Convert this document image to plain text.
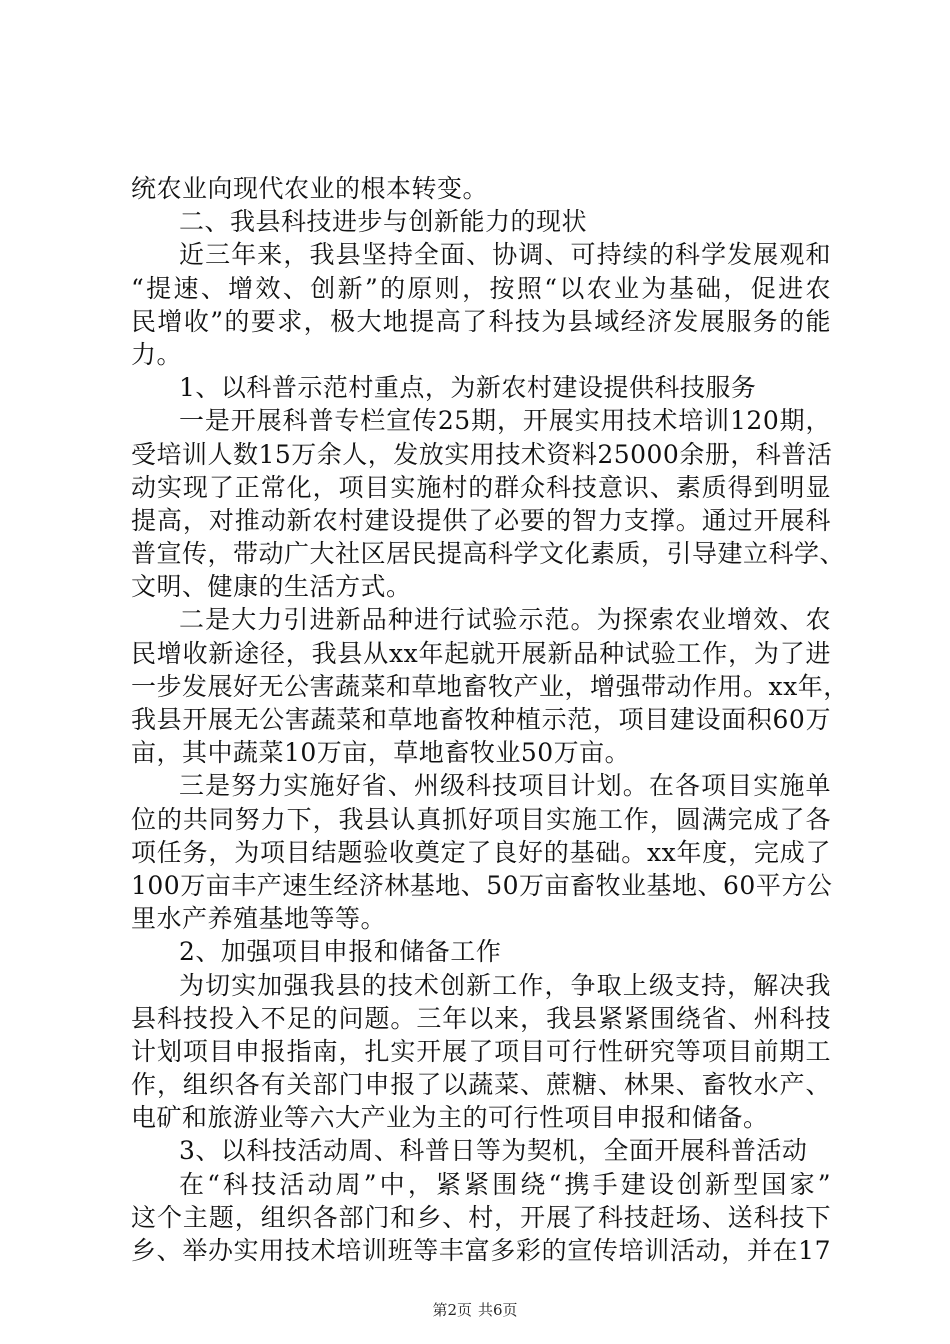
统农业向现代农业的根本转变。
二、我县科技进步与创新能力的现状
近三年来，我县坚持全面、协调、可持续的科学发展观和
“提速、增效、创新”的原则，按照“以农业为基础，促进农
民增收”的要求，极大地提高了科技为县域经济发展服务的能
力。
1、以科普示范村重点，为新农村建设提供科技服务
一是开展科普专栏宣传25期，开展实用技术培训120期，
受培训人数15万余人，发放实用技术资料25000余册，科普活
动实现了正常化，项目实施村的群众科技意识、素质得到明显
提高，对推动新农村建设提供了必要的智力支撑。通过开展科
普宣传，带动广大社区居民提高科学文化素质，引导建立科学、
文明、健康的生活方式。
二是大力引进新品种进行试验示范。为探索农业增效、农
民增收新途径，我县从xx年起就开展新品种试验工作，为了进
一步发展好无公害蔬菜和草地畜牧产业，增强带动作用。xx年，
我县开展无公害蔬菜和草地畜牧种植示范，项目建设面积60万
亩，其中蔬菜10万亩，草地畜牧业50万亩。
三是努力实施好省、州级科技项目计划。在各项目实施单
位的共同努力下，我县认真抓好项目实施工作，圆满完成了各
项任务，为项目结题验收奠定了良好的基础。xx年度，完成了
100万亩丰产速生经济林基地、50万亩畜牧业基地、60平方公
里水产养殖基地等等。
2、加强项目申报和储备工作
为切实加强我县的技术创新工作，争取上级支持，解决我
县科技投入不足的问题。三年以来，我县紧紧围绕省、州科技
计划项目申报指南，扎实开展了项目可行性研究等项目前期工
作，组织各有关部门申报了以蔬菜、蔗糖、林果、畜牧水产、
电矿和旅游业等六大产业为主的可行性项目申报和储备。
3、以科技活动周、科普日等为契机，全面开展科普活动
在“科技活动周”中，紧紧围绕“携手建设创新型国家”
这个主题，组织各部门和乡、村，开展了科技赶场、送科技下
乡、举办实用技术培训班等丰富多彩的宣传培训活动，并在17
第2页 共6页
